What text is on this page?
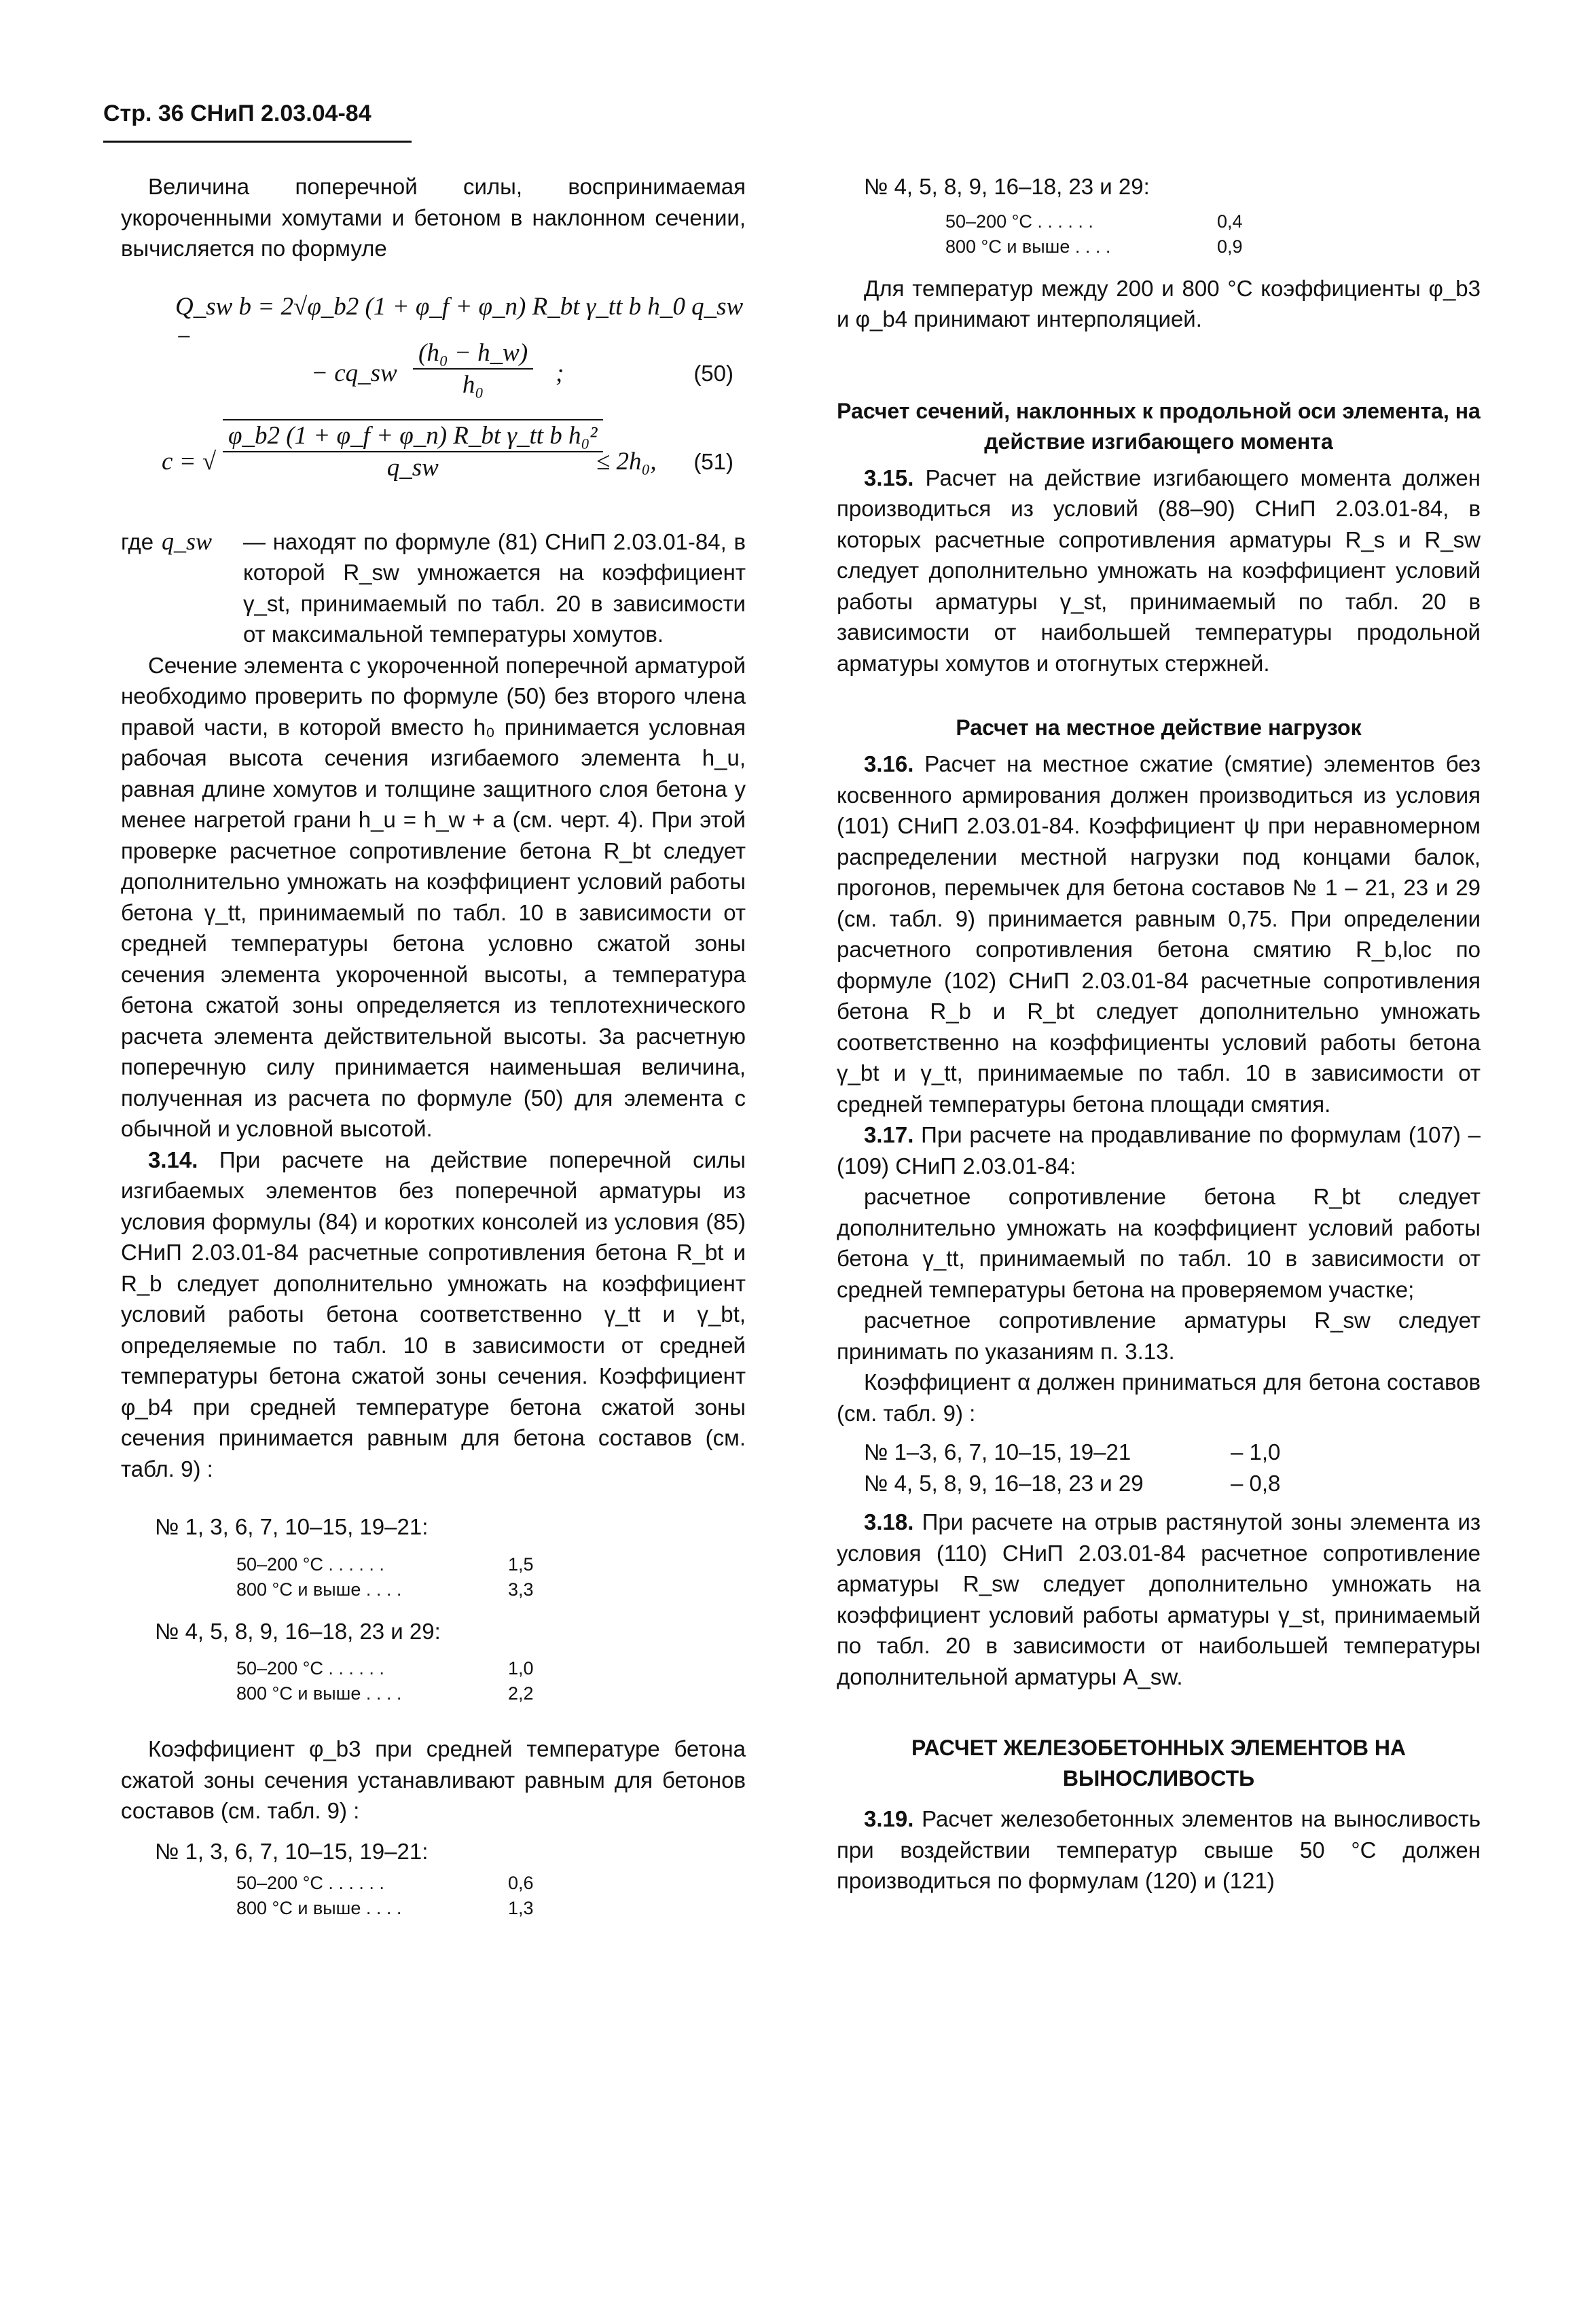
Стр. 36 СНиП 2.03.04-84

Величина поперечной силы, воспринимаемая укороченными хомутами и бетоном в наклонном сечении, вычисляется по формуле

Q_sw b = 2√φ_b2 (1 + φ_f + φ_n) R_bt γ_tt b h_0 q_sw −
− cq_sw $\frac{\text{(h₀ − h\_w)}}{\text{h₀}}$ ;	(50)
c = √ $\frac{\text{φ\_b2 (1 + φ\_f + φ\_n) R\_bt γ\_tt b h₀²}}{q\_sw}$
≤ 2h₀, (51)
где q_sw	— находят по формуле (81) СНиП 2.03.01-84, в которой R_sw умножается на коэффициент γ_st, принимаемый по табл. 20 в зависимости от максимальной температуры хомутов.

Сечение элемента с укороченной поперечной арматурой необходимо проверить по формуле (50) без второго члена правой части, в которой вместо h₀ принимается условная рабочая высота сечения изгибаемого элемента h_u, равная длине хомутов и толщине защитного слоя бетона у менее нагретой грани h_u = h_w + a (см. черт. 4). При этой проверке расчетное сопротивление бетона R_bt следует дополнительно умножать на коэффициент условий работы бетона γ_tt, принимаемый по табл. 10 в зависимости от средней температуры бетона условно сжатой зоны сечения элемента укороченной высоты, а температура бетона сжатой зоны определяется из теплотехнического расчета элемента действительной высоты. За расчетную поперечную силу принимается наименьшая величина, полученная из расчета по формуле (50) для элемента с обычной и условной высотой.

3.14. При расчете на действие поперечной силы изгибаемых элементов без поперечной арматуры из условия формулы (84) и коротких консолей из условия (85) СНиП 2.03.01-84 расчетные сопротивления бетона R_bt и R_b следует дополнительно умножать на коэффициент условий работы бетона соответственно γ_tt и γ_bt, определяемые по табл. 10 в зависимости от средней температуры бетона сжатой зоны сечения. Коэффициент φ_b4 при средней температуре бетона сжатой зоны сечения принимается равным для бетона составов (см. табл. 9) :

№ 1, 3, 6, 7, 10–15, 19–21:

50–200 °C . . . . . .	1,5

800 °C и выше . . . .	3,3

№ 4, 5, 8, 9, 16–18, 23 и 29:

50–200 °C . . . . . .	1,0

800 °C и выше . . . .	2,2

Коэффициент φ_b3 при средней температуре бетона сжатой зоны сечения устанавливают равным для бетонов составов (см. табл. 9) :

№ 1, 3, 6, 7, 10–15, 19–21:

50–200 °C . . . . . .	0,6

800 °C и выше . . . .	1,3

№ 4, 5, 8, 9, 16–18, 23 и 29:

50–200 °C . . . . . .	0,4

800 °C и выше . . . .	0,9

Для температур между 200 и 800 °C коэффициенты φ_b3 и φ_b4 принимают интерполяцией.

Расчет сечений, наклонных к продольной оси элемента, на действие изгибающего момента

3.15. Расчет на действие изгибающего момента должен производиться из условий (88–90) СНиП 2.03.01-84, в которых расчетные сопротивления арматуры R_s и R_sw следует дополнительно умножать на коэффициент условий работы арматуры γ_st, принимаемый по табл. 20 в зависимости от наибольшей температуры продольной арматуры хомутов и отогнутых стержней.

Расчет на местное действие нагрузок

3.16. Расчет на местное сжатие (смятие) элементов без косвенного армирования должен производиться из условия (101) СНиП 2.03.01-84. Коэффициент ψ при неравномерном распределении местной нагрузки под концами балок, прогонов, перемычек для бетона составов № 1 – 21, 23 и 29 (см. табл. 9) принимается равным 0,75. При определении расчетного сопротивления бетона смятию R_b,loc по формуле (102) СНиП 2.03.01-84 расчетные сопротивления бетона R_b и R_bt следует дополнительно умножать соответственно на коэффициенты условий работы бетона γ_bt и γ_tt, принимаемые по табл. 10 в зависимости от средней температуры бетона площади смятия.

3.17. При расчете на продавливание по формулам (107) – (109) СНиП 2.03.01-84:

расчетное сопротивление бетона R_bt следует дополнительно умножать на коэффициент условий работы бетона γ_tt, принимаемый по табл. 10 в зависимости от средней температуры бетона на проверяемом участке;

расчетное сопротивление арматуры R_sw следует принимать по указаниям п. 3.13.

Коэффициент α должен приниматься для бетона составов (см. табл. 9) :

№ 1–3, 6, 7, 10–15, 19–21	– 1,0

№ 4, 5, 8, 9, 16–18, 23 и 29	– 0,8

3.18. При расчете на отрыв растянутой зоны элемента из условия (110) СНиП 2.03.01-84 расчетное сопротивление арматуры R_sw следует дополнительно умножать на коэффициент условий работы арматуры γ_st, принимаемый по табл. 20 в зависимости от наибольшей температуры дополнительной арматуры A_sw.

РАСЧЕТ ЖЕЛЕЗОБЕТОННЫХ ЭЛЕМЕНТОВ НА ВЫНОСЛИВОСТЬ

3.19. Расчет железобетонных элементов на выносливость при воздействии температур свыше 50 °C должен производиться по формулам (120) и (121)
